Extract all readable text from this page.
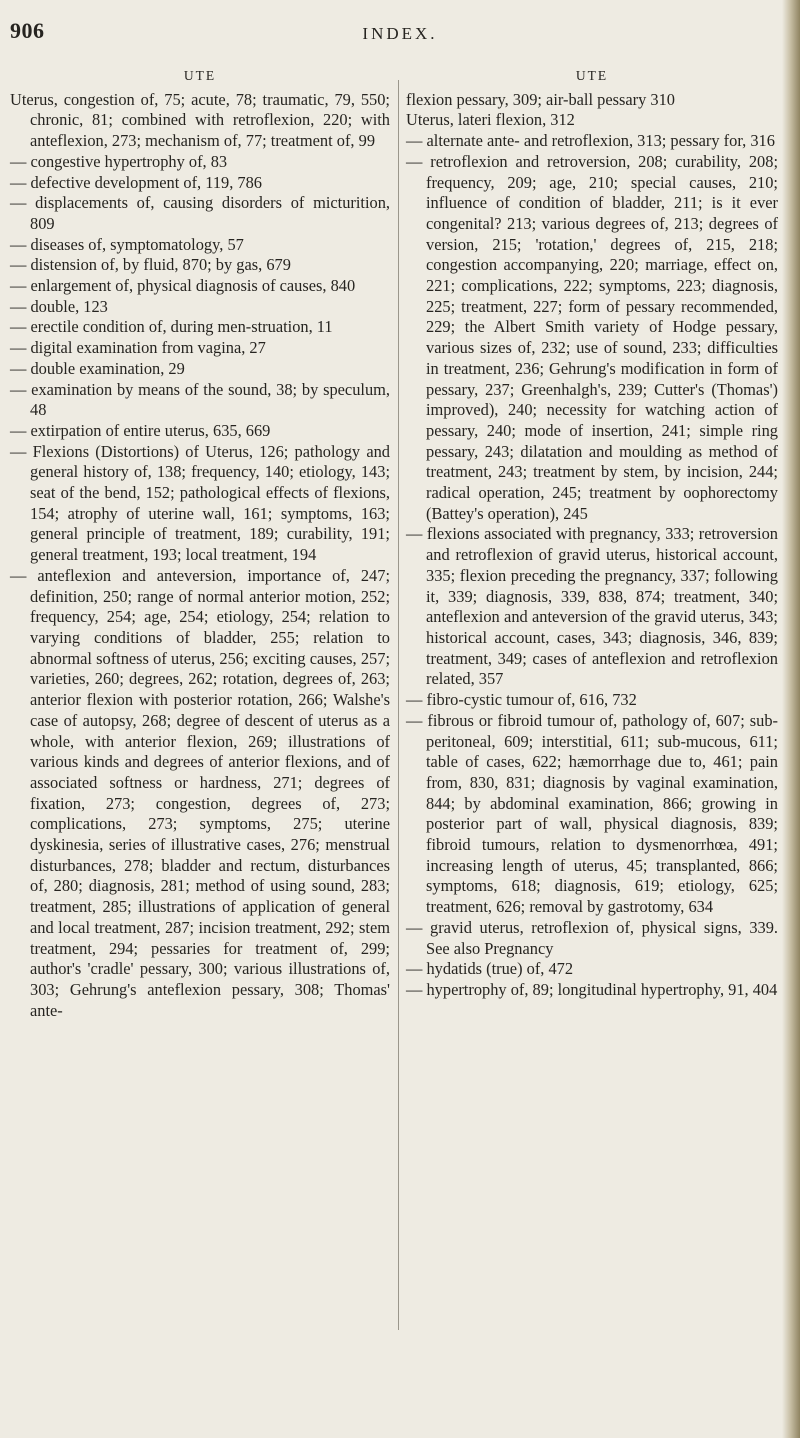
906	INDEX.
UTE

Uterus, congestion of, 75; acute, 78; traumatic, 79, 550; chronic, 81; combined with retroflexion, 220; with anteflexion, 273; mechanism of, 77; treatment of, 99

— congestive hypertrophy of, 83

— defective development of, 119, 786

— displacements of, causing disorders of micturition, 809

— diseases of, symptomatology, 57

— distension of, by fluid, 870; by gas, 679

— enlargement of, physical diagnosis of causes, 840

— double, 123

— erectile condition of, during men-struation, 11

— digital examination from vagina, 27

— double examination, 29

— examination by means of the sound, 38; by speculum, 48

— extirpation of entire uterus, 635, 669

— Flexions (Distortions) of Uterus, 126; pathology and general history of, 138; frequency, 140; etiology, 143; seat of the bend, 152; pathological effects of flexions, 154; atrophy of uterine wall, 161; symptoms, 163; general principle of treatment, 189; curability, 191; general treatment, 193; local treatment, 194

— anteflexion and anteversion, importance of, 247; definition, 250; range of normal anterior motion, 252; frequency, 254; age, 254; etiology, 254; relation to varying conditions of bladder, 255; relation to abnormal softness of uterus, 256; exciting causes, 257; varieties, 260; degrees, 262; rotation, degrees of, 263; anterior flexion with posterior rotation, 266; Walshe's case of autopsy, 268; degree of descent of uterus as a whole, with anterior flexion, 269; illustrations of various kinds and degrees of anterior flexions, and of associated softness or hardness, 271; degrees of fixation, 273; congestion, degrees of, 273; complications, 273; symptoms, 275; uterine dyskinesia, series of illustrative cases, 276; menstrual disturbances, 278; bladder and rectum, disturbances of, 280; diagnosis, 281; method of using sound, 283; treatment, 285; illustrations of application of general and local treatment, 287; incision treatment, 292; stem treatment, 294; pessaries for treatment of, 299; author's 'cradle' pessary, 300; various illustrations of, 303; Gehrung's anteflexion pessary, 308; Thomas' ante-

UTE

flexion pessary, 309; air-ball pessary 310

Uterus, lateri flexion, 312

— alternate ante- and retroflexion, 313; pessary for, 316

— retroflexion and retroversion, 208; curability, 208; frequency, 209; age, 210; special causes, 210; influence of condition of bladder, 211; is it ever congenital? 213; various degrees of, 213; degrees of version, 215; 'rotation,' degrees of, 215, 218; congestion accompanying, 220; marriage, effect on, 221; complications, 222; symptoms, 223; diagnosis, 225; treatment, 227; form of pessary recommended, 229; the Albert Smith variety of Hodge pessary, various sizes of, 232; use of sound, 233; difficulties in treatment, 236; Gehrung's modification in form of pessary, 237; Greenhalgh's, 239; Cutter's (Thomas') improved), 240; necessity for watching action of pessary, 240; mode of insertion, 241; simple ring pessary, 243; dilatation and moulding as method of treatment, 243; treatment by stem, by incision, 244; radical operation, 245; treatment by oophorectomy (Battey's operation), 245

— flexions associated with pregnancy, 333; retroversion and retroflexion of gravid uterus, historical account, 335; flexion preceding the pregnancy, 337; following it, 339; diagnosis, 339, 838, 874; treatment, 340; anteflexion and anteversion of the gravid uterus, 343; historical account, cases, 343; diagnosis, 346, 839; treatment, 349; cases of anteflexion and retroflexion related, 357

— fibro-cystic tumour of, 616, 732

— fibrous or fibroid tumour of, pathology of, 607; sub-peritoneal, 609; interstitial, 611; sub-mucous, 611; table of cases, 622; hæmorrhage due to, 461; pain from, 830, 831; diagnosis by vaginal examination, 844; by abdominal examination, 866; growing in posterior part of wall, physical diagnosis, 839; fibroid tumours, relation to dysmenorrhœa, 491; increasing length of uterus, 45; transplanted, 866; symptoms, 618; diagnosis, 619; etiology, 625; treatment, 626; removal by gastrotomy, 634

— gravid uterus, retroflexion of, physical signs, 339. See also Pregnancy

— hydatids (true) of, 472

— hypertrophy of, 89; longitudinal hypertrophy, 91, 404
